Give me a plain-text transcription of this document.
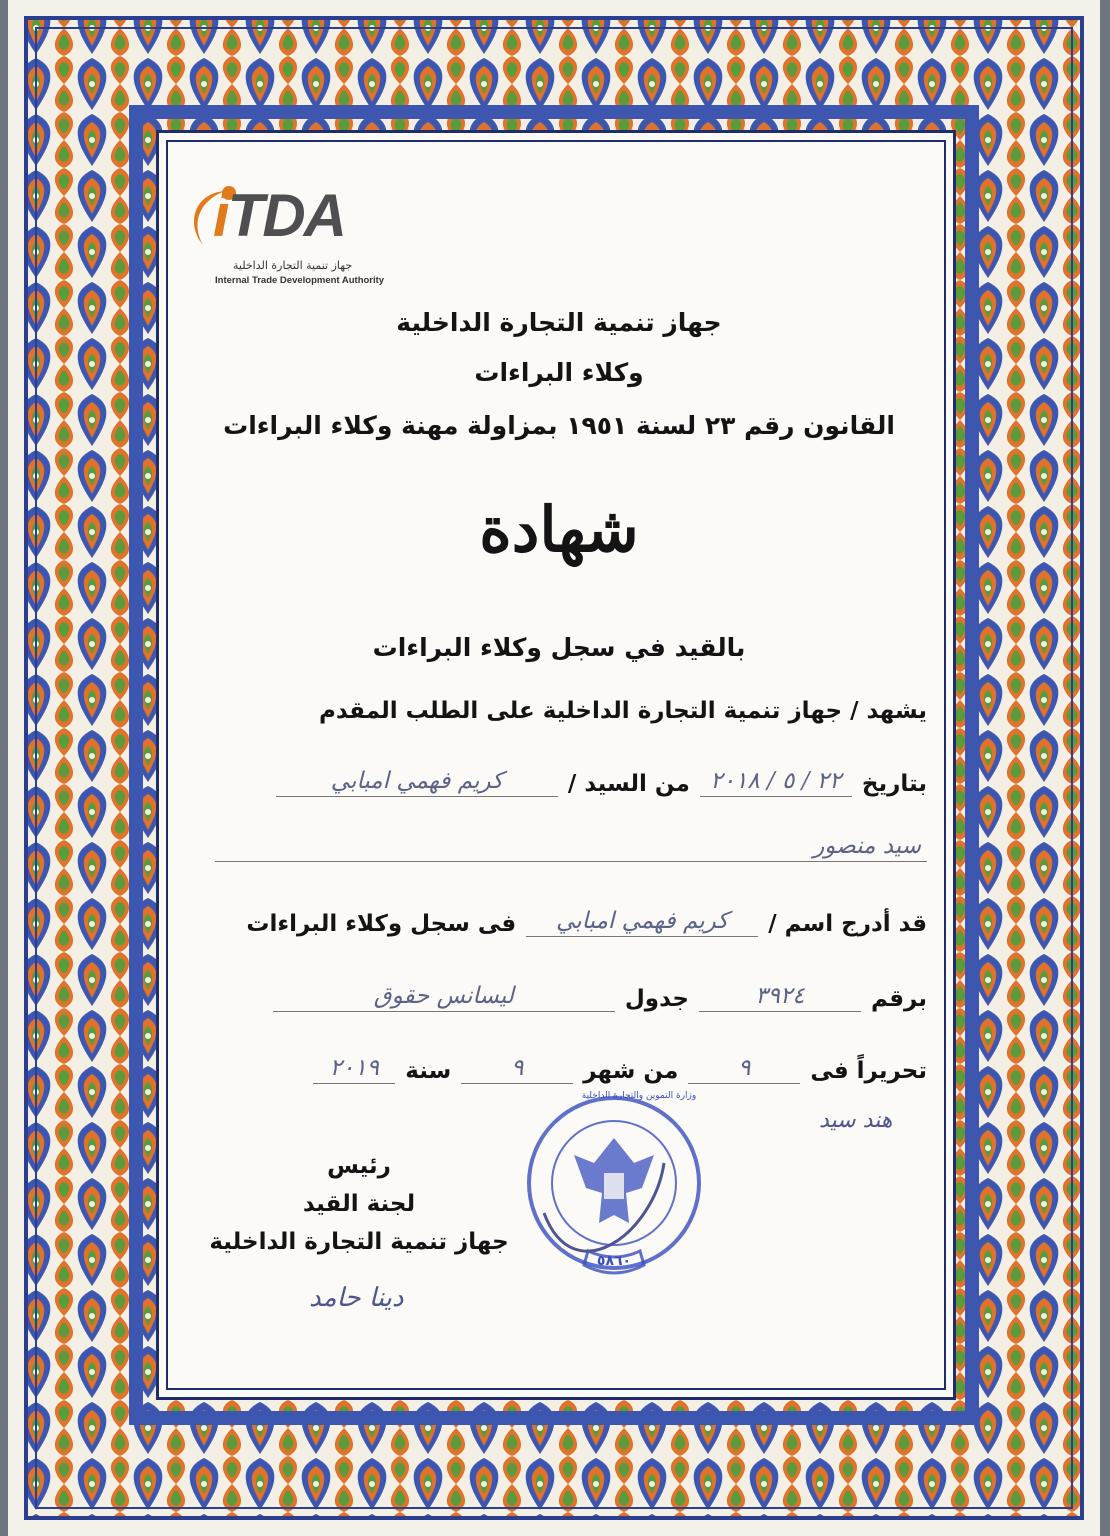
iTDA
جهاز تنمية التجارة الداخلية
Internal Trade Development Authority
جهاز تنمية التجارة الداخلية
وكلاء البراءات
القانون رقم ٢٣ لسنة ١٩٥١ بمزاولة مهنة وكلاء البراءات
شهادة
بالقيد في سجل وكلاء البراءات
يشهد / جهاز تنمية التجارة الداخلية على الطلب المقدم
بتاريخ
٢٢ / ٥ / ٢٠١٨
من السيد /
كريم فهمي امبابي
سيد منصور
قد أدرج اسم /
كريم فهمي امبابي
فى سجل وكلاء البراءات
برقم
٣٩٢٤
جدول
ليسانس حقوق
تحريراً فى
٩
من شهر
٩
سنة
٢٠١٩
هند سيد
وزارة التموين والتجارة الداخلية
٥٨٦٠
رئيس
لجنة القيد
جهاز تنمية التجارة الداخلية
دينا حامد
